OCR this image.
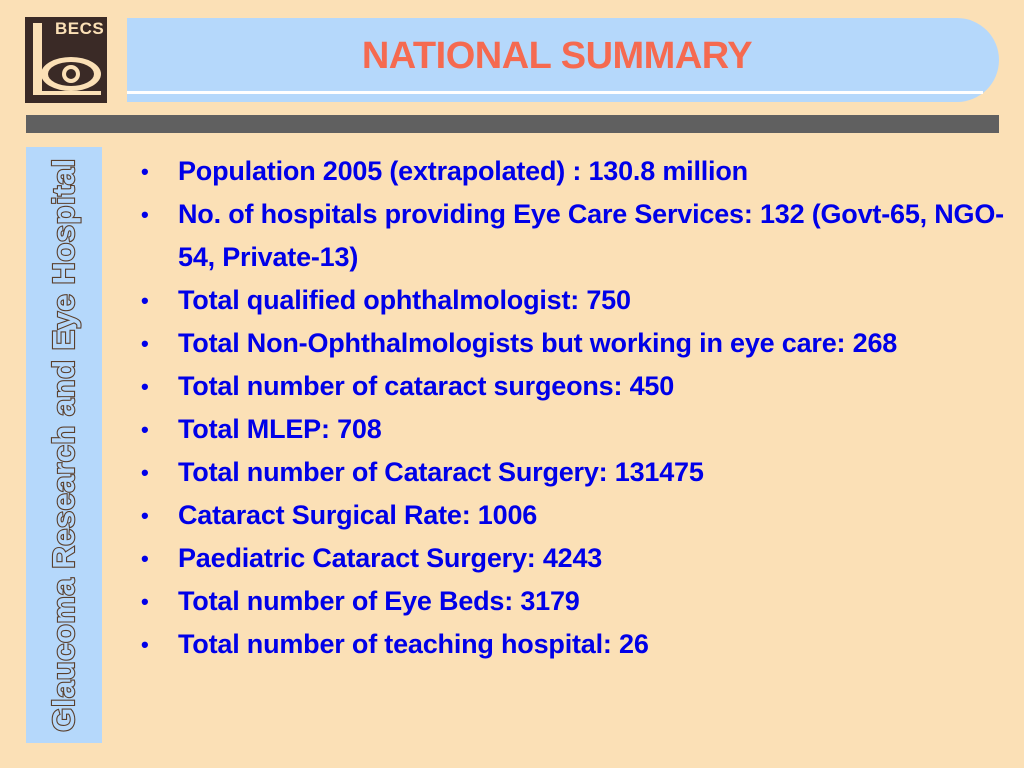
BECS
NATIONAL SUMMARY
Glaucoma Research and Eye Hospital	• Population 2005 (extrapolated) : 130.8 million
• No. of hospitals providing Eye Care Services: 132 (Govt-65, NGO-54, Private-13)
• Total qualified ophthalmologist: 750
• Total Non-Ophthalmologists but working in eye care: 268
• Total number of cataract surgeons: 450
• Total MLEP: 708
• Total number of Cataract Surgery: 131475
• Cataract Surgical Rate: 1006
• Paediatric Cataract Surgery: 4243
• Total number of Eye Beds: 3179
• Total number of teaching hospital: 26
